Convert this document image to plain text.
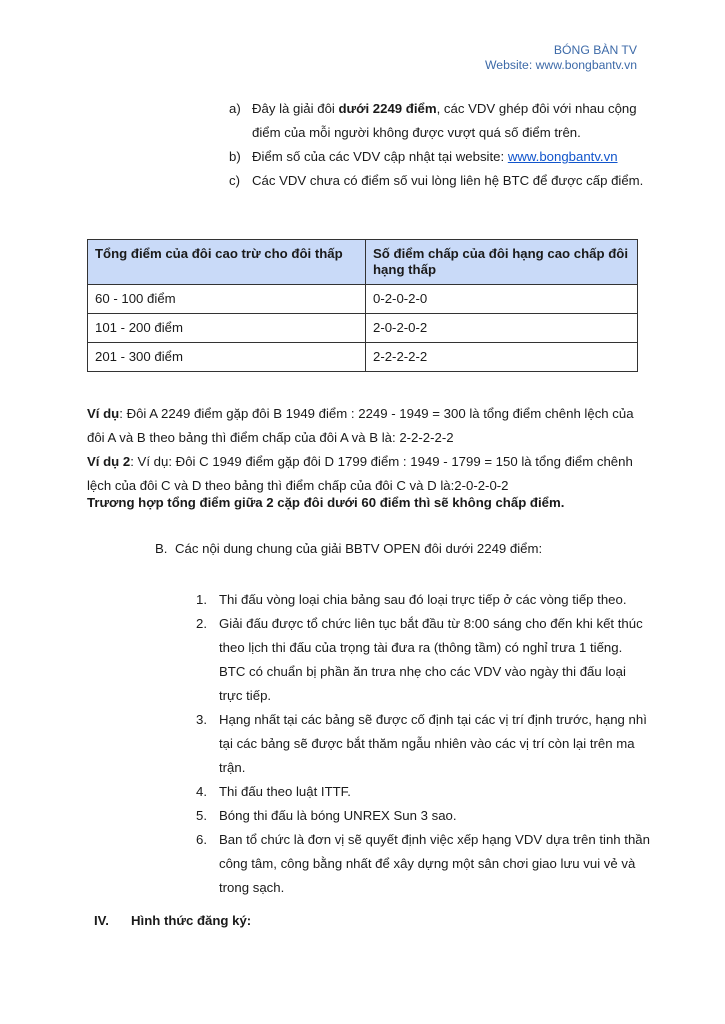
BÓNG BÀN TV
Website: www.bongbantv.vn
a) Đây là giải đôi dưới 2249 điểm, các VDV ghép đôi với nhau cộng điểm của mỗi người không được vượt quá số điểm trên.
b) Điểm số của các VDV cập nhật tại website: www.bongbantv.vn
c) Các VDV chưa có điểm số vui lòng liên hệ BTC để được cấp điểm.
Tổng điểm của đôi cao trừ cho đôi thấp	Số điểm chấp của đôi hạng cao chấp đôi hạng thấp
60 - 100 điểm	0-2-0-2-0
101 - 200 điểm	2-0-2-0-2
201 - 300 điểm	2-2-2-2-2
Ví dụ: Đôi A 2249 điểm gặp đôi B 1949 điểm : 2249 - 1949 = 300 là tổng điểm chênh lệch của đôi A và B theo bảng thì điểm chấp của đôi A và B là: 2-2-2-2-2
Ví dụ 2: Ví dụ: Đôi C 1949 điểm gặp đôi D 1799 điểm : 1949 - 1799 = 150 là tổng điểm chênh lệch của đôi C và D theo bảng thì điểm chấp của đôi C và D là:2-0-2-0-2
Trương hợp tổng điểm giữa 2 cặp đôi dưới 60 điểm thì sẽ không chấp điểm.
B. Các nội dung chung của giải BBTV OPEN đôi dưới 2249 điểm:
1. Thi đấu vòng loại chia bảng sau đó loại trực tiếp ở các vòng tiếp theo.
2. Giải đấu được tổ chức liên tục bắt đầu từ 8:00 sáng cho đến khi kết thúc theo lịch thi đấu của trọng tài đưa ra (thông tầm) có nghỉ trưa 1 tiếng. BTC có chuẩn bị phần ăn trưa nhẹ cho các VDV vào ngày thi đấu loại trực tiếp.
3. Hạng nhất tại các bảng sẽ được cố định tại các vị trí định trước, hạng nhì tại các bảng sẽ được bắt thăm ngẫu nhiên vào các vị trí còn lại trên ma trận.
4. Thi đấu theo luật ITTF.
5. Bóng thi đấu là bóng UNREX Sun 3 sao.
6. Ban tổ chức là đơn vị sẽ quyết định việc xếp hạng VDV dựa trên tinh thần công tâm, công bằng nhất để xây dựng một sân chơi giao lưu vui vẻ và trong sạch.
IV. Hình thức đăng ký:
